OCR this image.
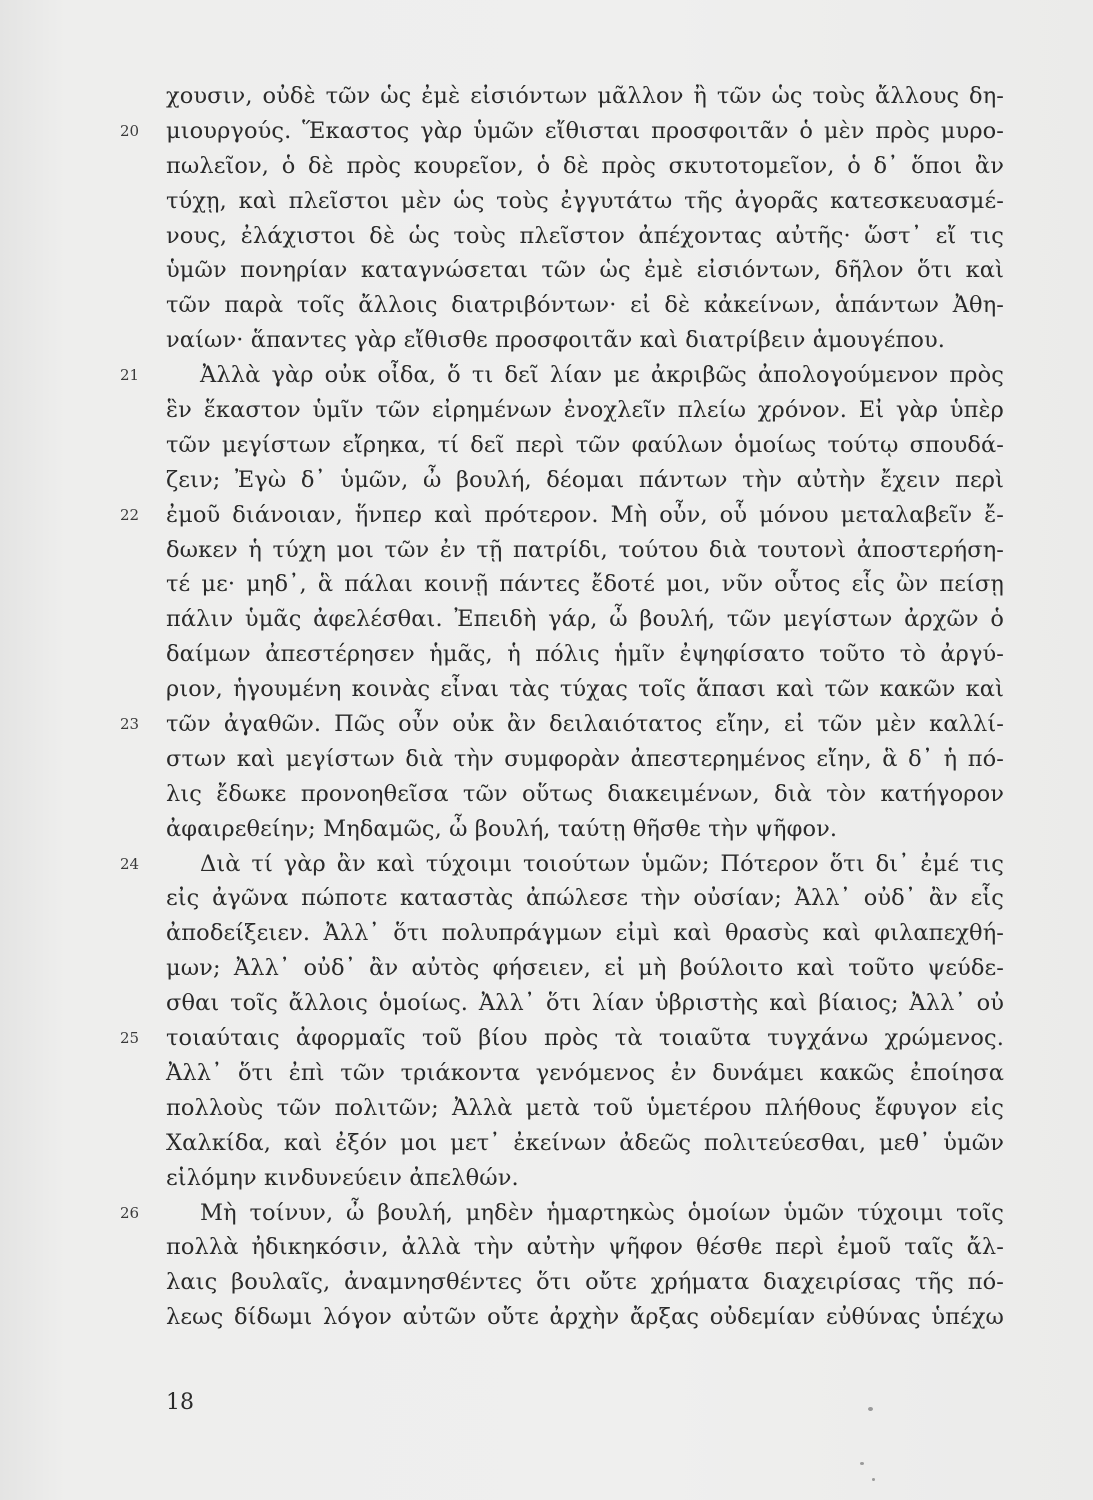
χουσιν, οὐδὲ τῶν ὡς ἐμὲ εἰσιόντων μᾶλλον ἢ τῶν ὡς τοὺς ἄλλους δη-
20	μιουργούς. Ἕκαστος γὰρ ὑμῶν εἴθισται προσφοιτᾶν ὁ μὲν πρὸς μυρο-
πωλεῖον, ὁ δὲ πρὸς κουρεῖον, ὁ δὲ πρὸς σκυτοτομεῖον, ὁ δ᾽ ὅποι ἂν
τύχῃ, καὶ πλεῖστοι μὲν ὡς τοὺς ἐγγυτάτω τῆς ἀγορᾶς κατεσκευασμέ-
νους, ἐλάχιστοι δὲ ὡς τοὺς πλεῖστον ἀπέχοντας αὐτῆς· ὥστ᾽ εἴ τις
ὑμῶν πονηρίαν καταγνώσεται τῶν ὡς ἐμὲ εἰσιόντων, δῆλον ὅτι καὶ
τῶν παρὰ τοῖς ἄλλοις διατριβόντων· εἰ δὲ κἀκείνων, ἁπάντων Ἀθη-
ναίων· ἅπαντες γὰρ εἴθισθε προσφοιτᾶν καὶ διατρίβειν ἁμουγέπου.
21	Ἀλλὰ γὰρ οὐκ οἶδα, ὅ τι δεῖ λίαν με ἀκριβῶς ἀπολογούμενον πρὸς
ἓν ἕκαστον ὑμῖν τῶν εἰρημένων ἐνοχλεῖν πλείω χρόνον. Εἰ γὰρ ὑπὲρ
τῶν μεγίστων εἴρηκα, τί δεῖ περὶ τῶν φαύλων ὁμοίως τούτῳ σπουδά-
ζειν; Ἐγὼ δ᾽ ὑμῶν, ὦ βουλή, δέομαι πάντων τὴν αὐτὴν ἔχειν περὶ
22	ἐμοῦ διάνοιαν, ἥνπερ καὶ πρότερον. Μὴ οὖν, οὗ μόνου μεταλαβεῖν ἔ-
δωκεν ἡ τύχη μοι τῶν ἐν τῇ πατρίδι, τούτου διὰ τουτονὶ ἀποστερήση-
τέ με· μηδ᾽, ἃ πάλαι κοινῇ πάντες ἔδοτέ μοι, νῦν οὗτος εἷς ὢν πείσῃ
πάλιν ὑμᾶς ἀφελέσθαι. Ἐπειδὴ γάρ, ὦ βουλή, τῶν μεγίστων ἀρχῶν ὁ
δαίμων ἀπεστέρησεν ἡμᾶς, ἡ πόλις ἡμῖν ἐψηφίσατο τοῦτο τὸ ἀργύ-
ριον, ἡγουμένη κοινὰς εἶναι τὰς τύχας τοῖς ἅπασι καὶ τῶν κακῶν καὶ
23	τῶν ἀγαθῶν. Πῶς οὖν οὐκ ἂν δειλαιότατος εἴην, εἰ τῶν μὲν καλλί-
στων καὶ μεγίστων διὰ τὴν συμφορὰν ἀπεστερημένος εἴην, ἃ δ᾽ ἡ πό-
λις ἔδωκε προνοηθεῖσα τῶν οὕτως διακειμένων, διὰ τὸν κατήγορον
ἀφαιρεθείην; Μηδαμῶς, ὦ βουλή, ταύτῃ θῆσθε τὴν ψῆφον.
24	Διὰ τί γὰρ ἂν καὶ τύχοιμι τοιούτων ὑμῶν; Πότερον ὅτι δι᾽ ἐμέ τις
εἰς ἀγῶνα πώποτε καταστὰς ἀπώλεσε τὴν οὐσίαν; Ἀλλ᾽ οὐδ᾽ ἂν εἷς
ἀποδείξειεν. Ἀλλ᾽ ὅτι πολυπράγμων εἰμὶ καὶ θρασὺς καὶ φιλαπεχθή-
μων; Ἀλλ᾽ οὐδ᾽ ἂν αὐτὸς φήσειεν, εἰ μὴ βούλοιτο καὶ τοῦτο ψεύδε-
σθαι τοῖς ἄλλοις ὁμοίως. Ἀλλ᾽ ὅτι λίαν ὑβριστὴς καὶ βίαιος; Ἀλλ᾽ οὐ
25	τοιαύταις ἀφορμαῖς τοῦ βίου πρὸς τὰ τοιαῦτα τυγχάνω χρώμενος.
Ἀλλ᾽ ὅτι ἐπὶ τῶν τριάκοντα γενόμενος ἐν δυνάμει κακῶς ἐποίησα
πολλοὺς τῶν πολιτῶν; Ἀλλὰ μετὰ τοῦ ὑμετέρου πλήθους ἔφυγον εἰς
Χαλκίδα, καὶ ἐξόν μοι μετ᾽ ἐκείνων ἀδεῶς πολιτεύεσθαι, μεθ᾽ ὑμῶν
εἱλόμην κινδυνεύειν ἀπελθών.
26	Μὴ τοίνυν, ὦ βουλή, μηδὲν ἡμαρτηκὼς ὁμοίων ὑμῶν τύχοιμι τοῖς
πολλὰ ἠδικηκόσιν, ἀλλὰ τὴν αὐτὴν ψῆφον θέσθε περὶ ἐμοῦ ταῖς ἄλ-
λαις βουλαῖς, ἀναμνησθέντες ὅτι οὔτε χρήματα διαχειρίσας τῆς πό-
λεως δίδωμι λόγον αὐτῶν οὔτε ἀρχὴν ἄρξας οὐδεμίαν εὐθύνας ὑπέχω
18
